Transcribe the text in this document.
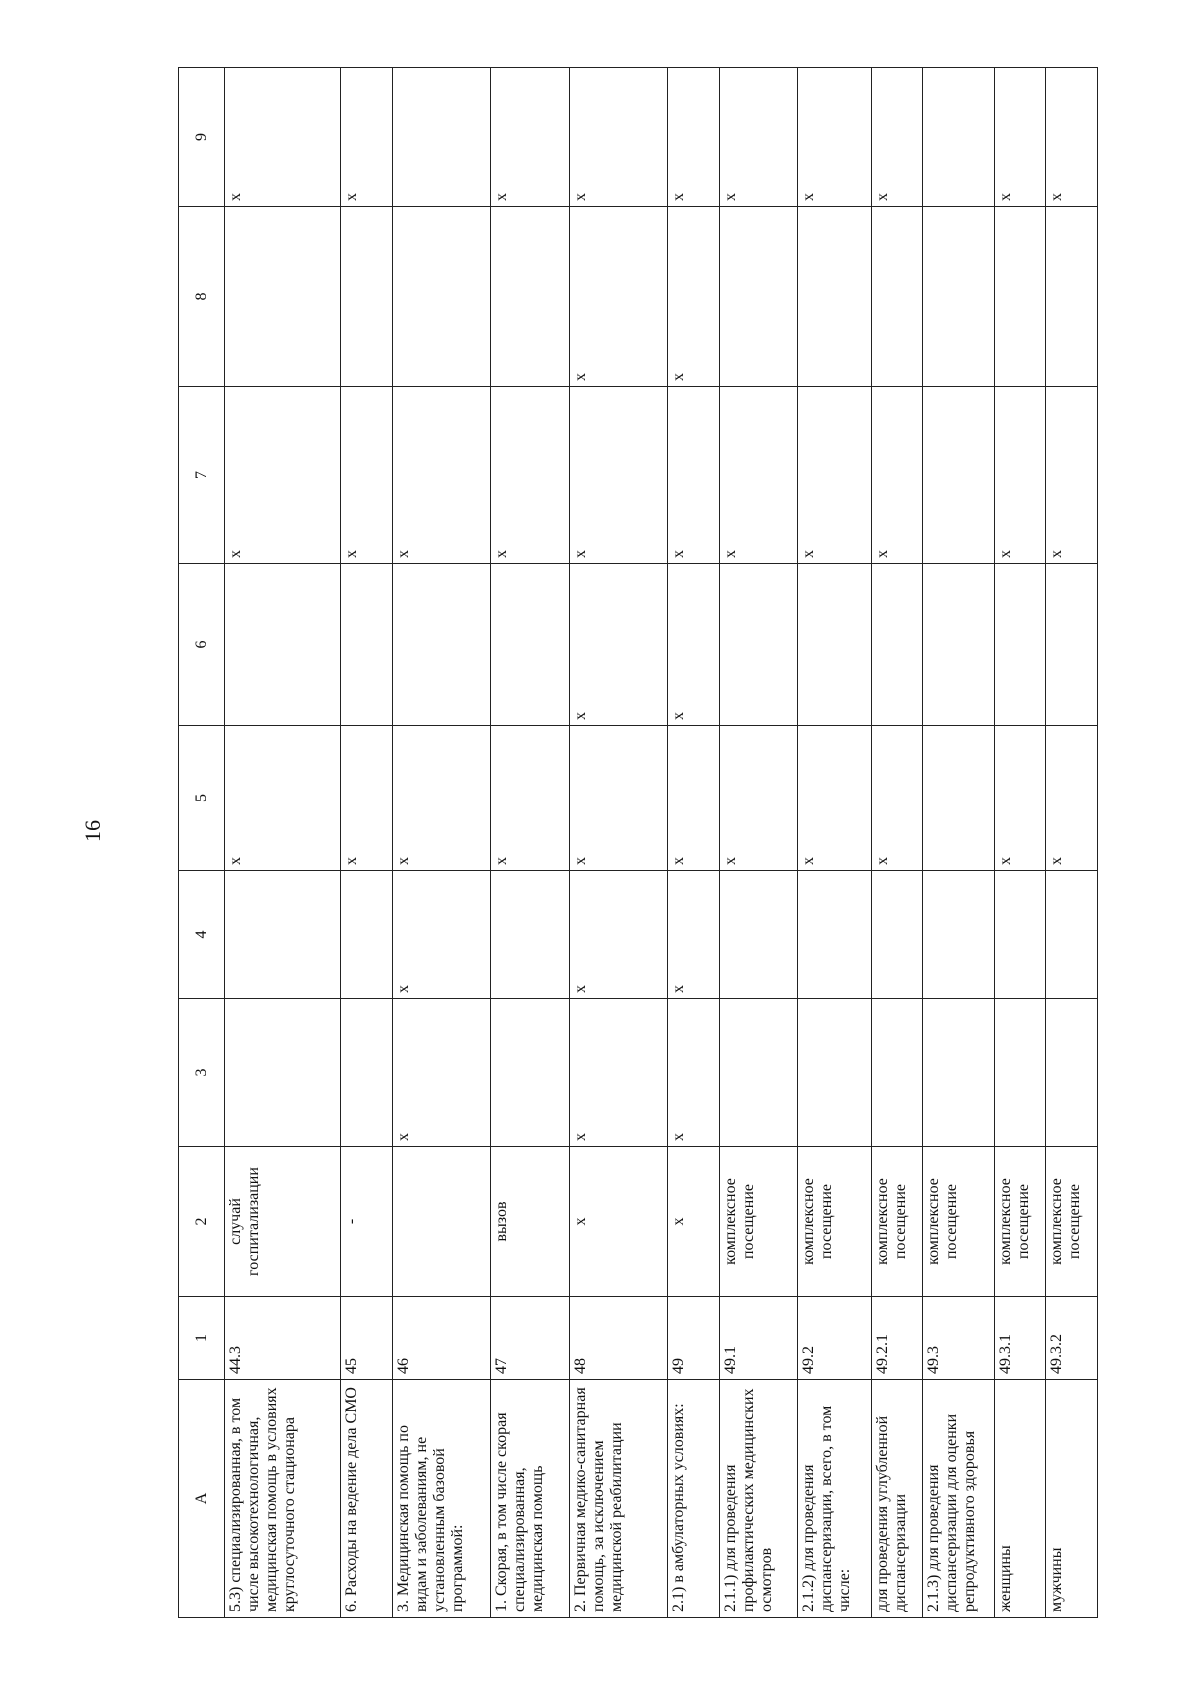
16
А	1	2	3	4	5	6	7	8	9
5.3) специализированная, в том числе высокотехнологичная, медицинская помощь в условиях круглосуточного стационара	44.3	случай госпитализации			х		х		х
6. Расходы на ведение дела СМО	45	-			х		х		х
3. Медицинская помощь по видам и заболеваниям, не установленным базовой программой:	46		х	х	х		х		
1. Скорая, в том числе скорая специализированная, медицинская помощь	47	вызов			х		х		х
2. Первичная медико-санитарная помощь, за исключением медицинской реабилитации	48	х	х	х	х	х	х	х	х
2.1) в амбулаторных условиях:	49	х	х	х	х	х	х	х	х
2.1.1) для проведения профилактических медицинских осмотров	49.1	комплексное посещение			х		х		х
2.1.2) для проведения диспансеризации, всего, в том числе:	49.2	комплексное посещение			х		х		х
для проведения углубленной диспансеризации	49.2.1	комплексное посещение			х		х		х
2.1.3) для проведения диспансеризации для оценки репродуктивного здоровья	49.3	комплексное посещение							
женщины	49.3.1	комплексное посещение			х		х		х
мужчины	49.3.2	комплексное посещение			х		х		х
